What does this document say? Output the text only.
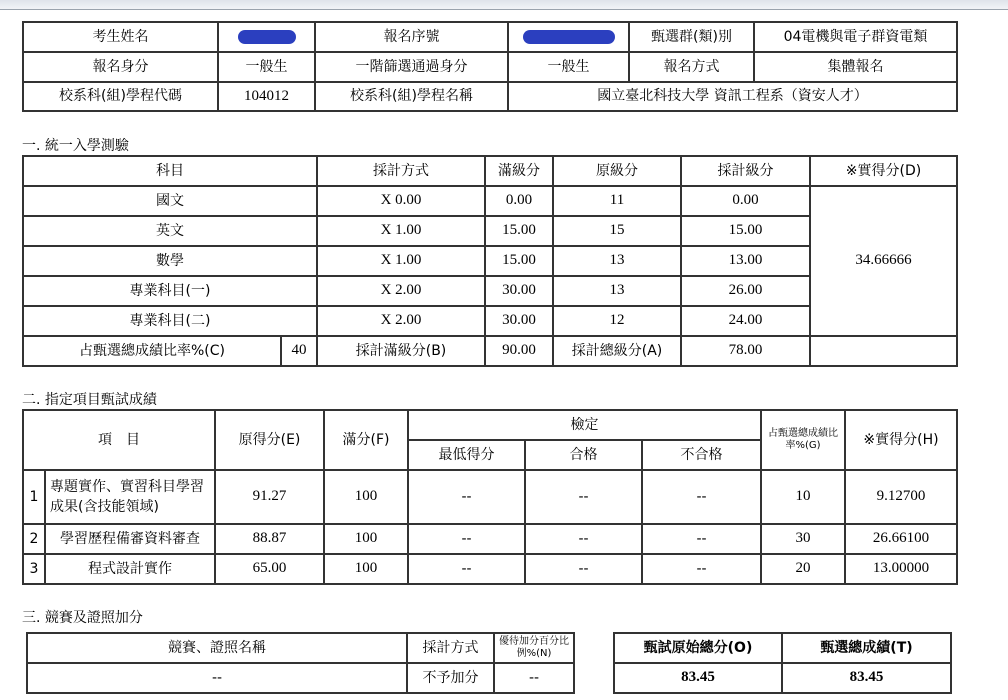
考生姓名		報名序號		甄選群(類)別	04電機與電子群資電類
報名身分	一般生	一階篩選通過身分	一般生	報名方式	集體報名
校系科(組)學程代碼	104012	校系科(組)學程名稱	國立臺北科技大學 資訊工程系（資安人才）		
一. 統一入學測驗
科目		採計方式	滿級分	原級分	採計級分	※實得分(D)
國文		X 0.00	0.00	11	0.00	34.66666
英文		X 1.00	15.00	15	15.00	
數學		X 1.00	15.00	13	13.00	
專業科目(一)		X 2.00	30.00	13	26.00	
專業科目(二)		X 2.00	30.00	12	24.00	
占甄選總成績比率%(C)	40	採計滿級分(B)	90.00	採計總級分(A)	78.00	
二. 指定項目甄試成績
項　目		原得分(E)	滿分(F)	檢定			占甄選總成績比率%(G)	※實得分(H)
				最低得分	合格	不合格		
1	專題實作、實習科目學習成果(含技能領域)	91.27	100	--	--	--	10	9.12700
2	學習歷程備審資料審查	88.87	100	--	--	--	30	26.66100
3	程式設計實作	65.00	100	--	--	--	20	13.00000
三. 競賽及證照加分
競賽、證照名稱	採計方式	優待加分百分比例%(N)
--	不予加分	--
甄試原始總分(O)	甄選總成績(T)
83.45	83.45
